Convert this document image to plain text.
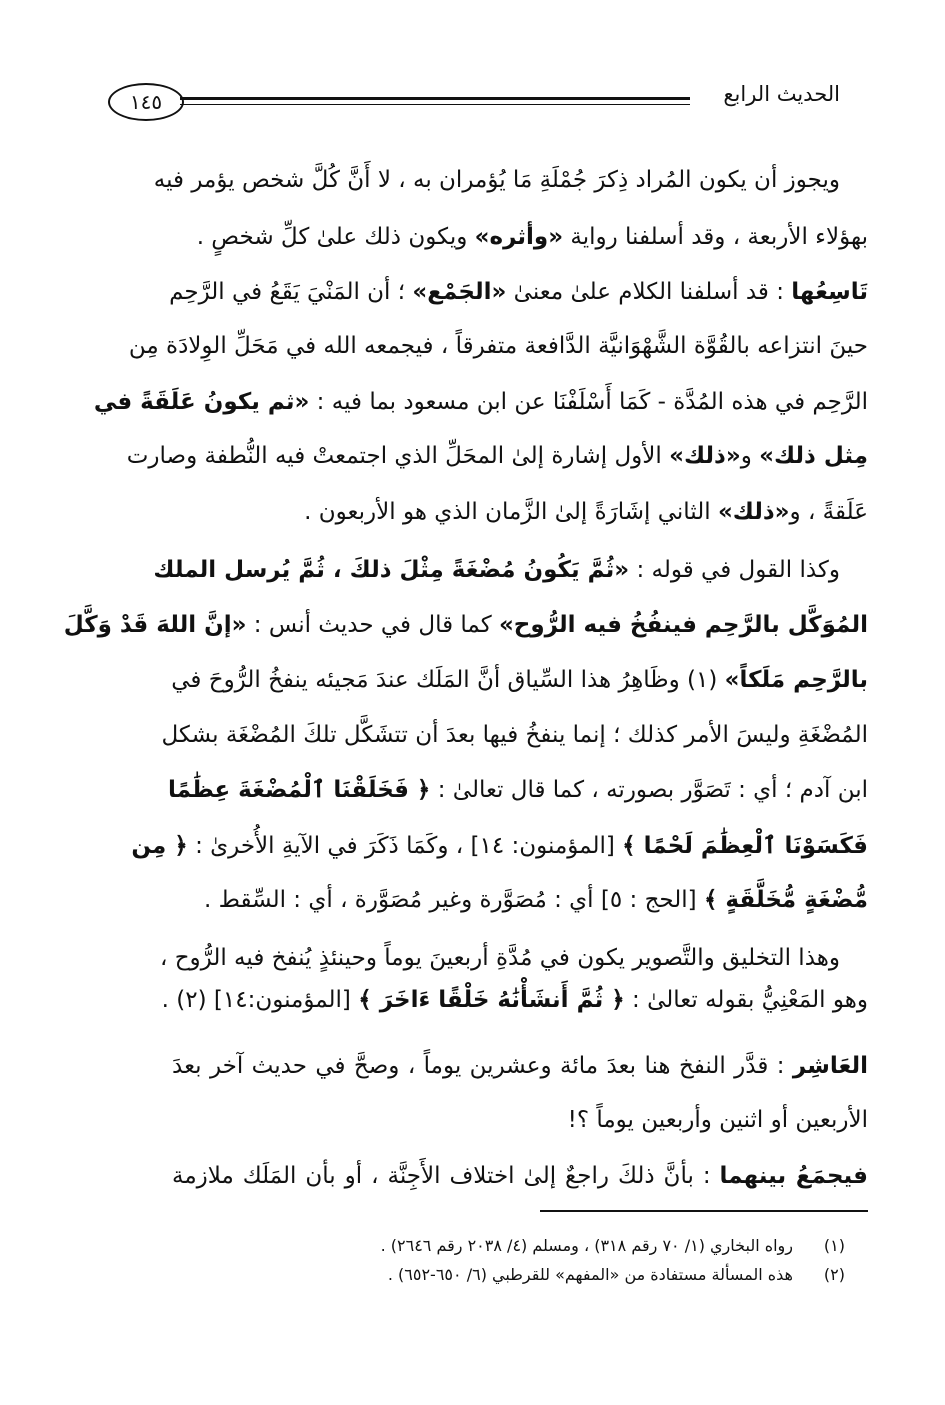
الحديث الرابع
١٤٥
ويجوز أن يكون المُراد ذِكرَ جُمْلَةِ مَا يُؤمران به ، لا أَنَّ كُلَّ شخص يؤمر فيه
بهؤلاء الأربعة ، وقد أسلفنا رواية «وأثره» ويكون ذلك علىٰ كلِّ شخصٍ .
تَاسِعُها : قد أسلفنا الكلام علىٰ معنىٰ «الجَمْع» ؛ أن المَنْيَ يَقَعُ في الرَّحِم
حينَ انتزاعه بالقُوَّة الشَّهْوَانيَّة الدَّافعة متفرقاً ، فيجمعه الله في مَحَلِّ الوِلادَة مِن
الرَّحِم في هذه المُدَّة - كَمَا أَسْلَفْنَا عن ابن مسعود بما فيه : «ثم يكونُ عَلَقَةً في
مِثل ذلك» و«ذلك» الأول إشارة إلىٰ المحَلِّ الذي اجتمعتْ فيه النُّطفة وصارت
عَلَقةً ، و«ذلك» الثاني إشَارَةً إلىٰ الزَّمان الذي هو الأربعون .
وكذا القول في قوله : «ثُمَّ يَكُونُ مُضْغَةً مِثْلَ ذلكَ ، ثُمَّ يُرسل الملك
المُوَكَّل بالرَّحِم فينفُخُ فيه الرُّوح» كما قال في حديث أنس : «إنَّ اللهَ قَدْ وَكَّلَ
بالرَّحِم مَلَكاً» (١) وظَاهِرُ هذا السِّياق أنَّ المَلَك عندَ مَجيئه ينفخُ الرُّوحَ في
المُضْغَةِ وليسَ الأمر كذلك ؛ إنما ينفخُ فيها بعدَ أن تتشَكَّل تلكَ المُضْغَة بشكل
ابن آدم ؛ أي : تَصَوَّر بصورته ، كما قال تعالىٰ : ﴿ فَخَلَقْنَا ٱلْمُضْغَةَ عِظَٰمًا
فَكَسَوْنَا ٱلْعِظَٰمَ لَحْمًا ﴾ [المؤمنون: ١٤] ، وكَمَا ذَكَرَ في الآيةِ الأُخرىٰ : ﴿ مِن
مُّضْغَةٍ مُّخَلَّقَةٍ ﴾ [الحج : ٥] أي : مُصَوَّرة وغير مُصَوَّرة ، أي : السِّقط .
وهذا التخليق والتَّصوير يكون في مُدَّةِ أربعينَ يوماً وحينئذٍ يُنفخ فيه الرُّوح ،
وهو المَعْنِيُّ بقوله تعالىٰ : ﴿ ثُمَّ أَنشَأْنَٰهُ خَلْقًا ءَاخَرَ ﴾ [المؤمنون:١٤] (٢) .
العَاشِر : قدَّر النفخ هنا بعدَ مائة وعشرين يوماً ، وصحَّ في حديث آخر بعدَ
الأربعين أو اثنين وأربعين يوماً ؟!
فيجمَعُ بينهما : بأنَّ ذلكَ راجعٌ إلىٰ اختلاف الأَجِنَّة ، أو بأن المَلَك ملازمة
(١)رواه البخاري (١/ ٧٠ رقم ٣١٨) ، ومسلم (٤/ ٢٠٣٨ رقم ٢٦٤٦) .
(٢)هذه المسألة مستفادة من «المفهم» للقرطبي (٦/ ٦٥٠-٦٥٢) .
